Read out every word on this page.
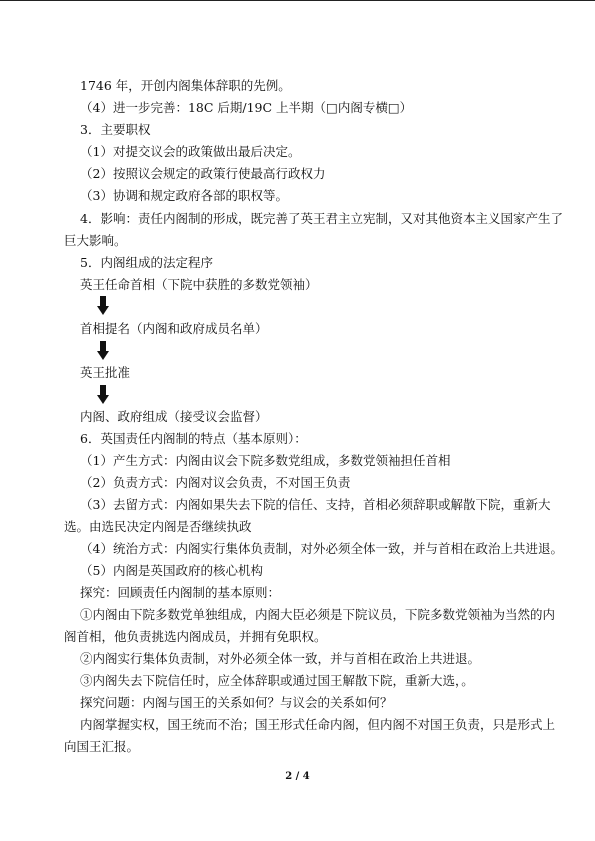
1746 年，开创内阁集体辞职的先例。
（4）进一步完善：18C 后期/19C 上半期（□内阁专横□）
3．主要职权
（1）对提交议会的政策做出最后决定。
（2）按照议会规定的政策行使最高行政权力
（3）协调和规定政府各部的职权等。
4．影响：责任内阁制的形成，既完善了英王君主立宪制，又对其他资本主义国家产生了
巨大影响。
5．内阁组成的法定程序
英王任命首相（下院中获胜的多数党领袖）
首相提名（内阁和政府成员名单）
英王批准
内阁、政府组成（接受议会监督）
6．英国责任内阁制的特点（基本原则）：
（1）产生方式：内阁由议会下院多数党组成，多数党领袖担任首相
（2）负责方式：内阁对议会负责，不对国王负责
（3）去留方式：内阁如果失去下院的信任、支持，首相必须辞职或解散下院，重新大
选。由选民决定内阁是否继续执政
（4）统治方式：内阁实行集体负责制，对外必须全体一致，并与首相在政治上共进退。
（5）内阁是英国政府的核心机构
探究：回顾责任内阁制的基本原则：
①内阁由下院多数党单独组成，内阁大臣必须是下院议员，下院多数党领袖为当然的内
阁首相，他负责挑选内阁成员，并拥有免职权。
②内阁实行集体负责制，对外必须全体一致，并与首相在政治上共进退。
③内阁失去下院信任时，应全体辞职或通过国王解散下院，重新大选，。
探究问题：内阁与国王的关系如何？与议会的关系如何？
内阁掌握实权，国王统而不治；国王形式任命内阁，但内阁不对国王负责，只是形式上
向国王汇报。
2 / 4
